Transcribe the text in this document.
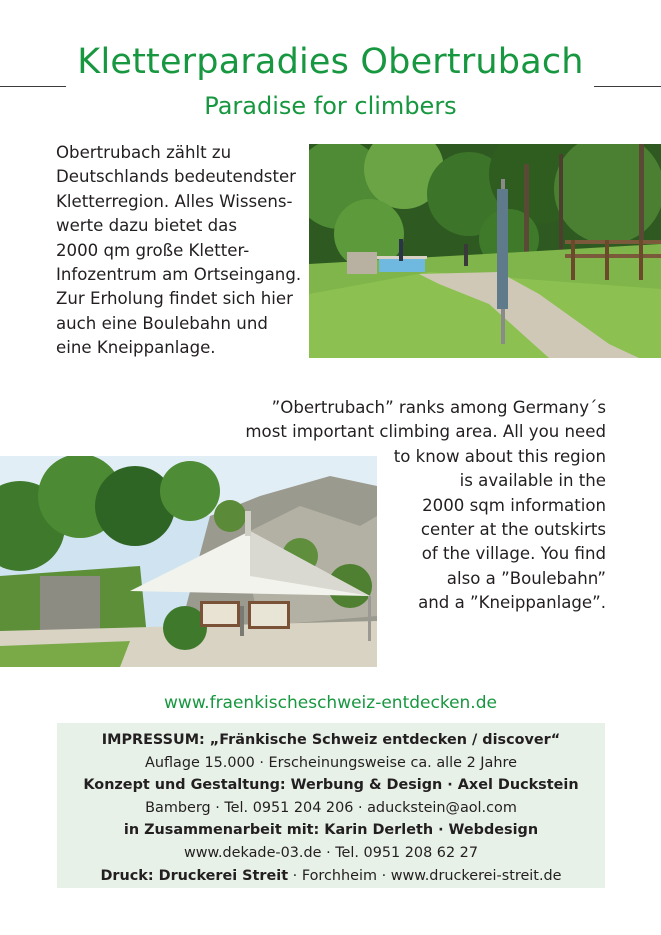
Kletterparadies Obertrubach
Paradise for climbers
Obertrubach zählt zu
Deutschlands bedeutendster
Kletterregion. Alles Wissens-
werte dazu bietet das
2000 qm große Kletter-
Infozentrum am Ortseingang.
Zur Erholung findet sich hier
auch eine Boulebahn und
eine Kneippanlage.
”Obertrubach” ranks among Germany´s
most important climbing area. All you need
to know about this region
is available in the
2000 sqm information
center at the outskirts
of the village. You find
also a ”Boulebahn”
and a ”Kneippanlage”.
www.fraenkischeschweiz-entdecken.de
IMPRESSUM: „Fränkische Schweiz entdecken / discover“
Auflage 15.000 · Erscheinungsweise ca. alle 2 Jahre
Konzept und Gestaltung: Werbung & Design · Axel Duckstein
Bamberg · Tel. 0951 204 206 · aduckstein@aol.com
in Zusammenarbeit mit: Karin Derleth · Webdesign
www.dekade-03.de · Tel. 0951 208 62 27
Druck: Druckerei Streit · Forchheim · www.druckerei-streit.de
